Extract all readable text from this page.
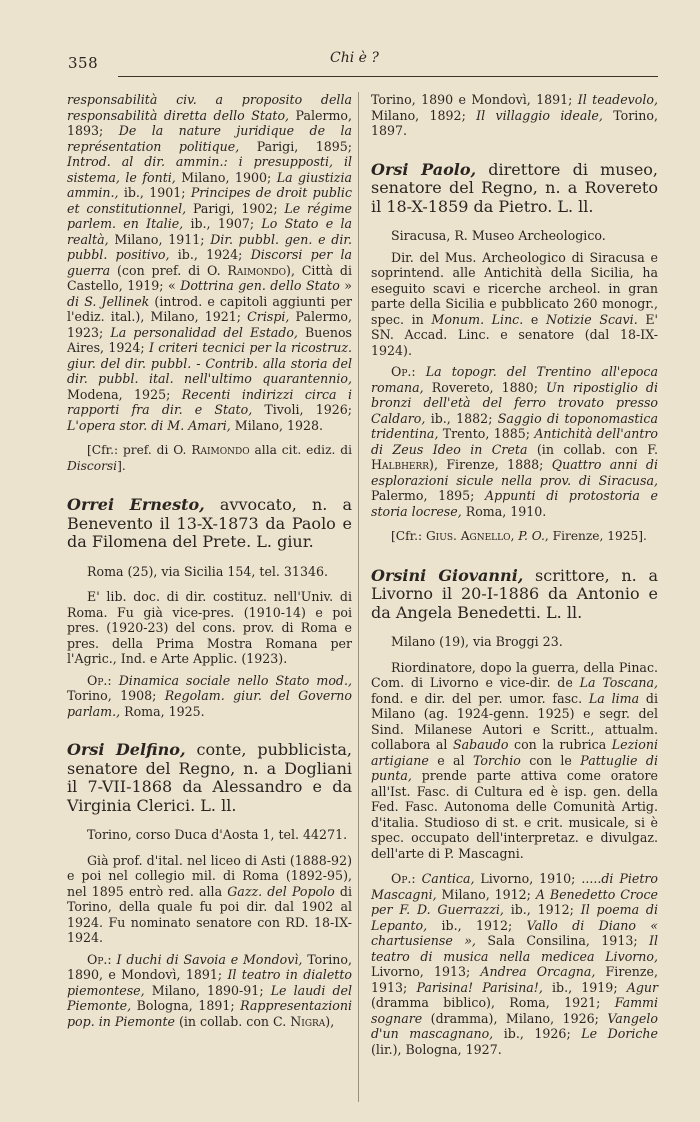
358	Chi è ?

responsabilità civ. a proposito della responsabilità diretta dello Stato, Palermo, 1893; De la nature juridique de la représentation politique, Parigi, 1895; Introd. al dir. ammin.: i presupposti, il sistema, le fonti, Milano, 1900; La giustizia ammin., ib., 1901; Principes de droit public et constitutionnel, Parigi, 1902; Le régime parlem. en Italie, ib., 1907; Lo Stato e la realtà, Milano, 1911; Dir. pubbl. gen. e dir. pubbl. positivo, ib., 1924; Discorsi per la guerra (con pref. di O. Raimondo), Città di Castello, 1919; « Dottrina gen. dello Stato » di S. Jellinek (introd. e capitoli aggiunti per l'ediz. ital.), Milano, 1921; Crispi, Palermo, 1923; La personalidad del Estado, Buenos Aires, 1924; I criteri tecnici per la ricostruz. giur. del dir. pubbl. - Contrib. alla storia del dir. pubbl. ital. nell'ultimo quarantennio, Modena, 1925; Recenti indirizzi circa i rapporti fra dir. e Stato, Tivoli, 1926; L'opera stor. di M. Amari, Milano, 1928.

[Cfr.: pref. di O. Raimondo alla cit. ediz. di Discorsi].

Orrei Ernesto, avvocato, n. a Benevento il 13-X-1873 da Paolo e da Filomena del Prete. L. giur.

Roma (25), via Sicilia 154, tel. 31346.

E' lib. doc. di dir. costituz. nell'Univ. di Roma. Fu già vice-pres. (1910-14) e poi pres. (1920-23) del cons. prov. di Roma e pres. della Prima Mostra Romana per l'Agric., Ind. e Arte Applic. (1923).

Op.: Dinamica sociale nello Stato mod., Torino, 1908; Regolam. giur. del Governo parlam., Roma, 1925.

Orsi Delfino, conte, pubblicista, senatore del Regno, n. a Dogliani il 7-VII-1868 da Alessandro e da Virginia Clerici. L. ll.

Torino, corso Duca d'Aosta 1, tel. 44271.

Già prof. d'ital. nel liceo di Asti (1888-92) e poi nel collegio mil. di Roma (1892-95), nel 1895 entrò red. alla Gazz. del Popolo di Torino, della quale fu poi dir. dal 1902 al 1924. Fu nominato senatore con RD. 18-IX-1924.

Op.: I duchi di Savoia e Mondovì, Torino, 1890, e Mondovì, 1891; Il teatro in dialetto piemontese, Milano, 1890-91; Le laudi del Piemonte, Bologna, 1891; Rappresentazioni pop. in Piemonte (in collab. con C. Nigra),

Torino, 1890 e Mondovì, 1891; Il teadevolo, Milano, 1892; Il villaggio ideale, Torino, 1897.

Orsi Paolo, direttore di museo, senatore del Regno, n. a Rovereto il 18-X-1859 da Pietro. L. ll.

Siracusa, R. Museo Archeologico.

Dir. del Mus. Archeologico di Siracusa e soprintend. alle Antichità della Sicilia, ha eseguito scavi e ricerche archeol. in gran parte della Sicilia e pubblicato 260 monogr., spec. in Monum. Linc. e Notizie Scavi. E' SN. Accad. Linc. e senatore (dal 18-IX-1924).

Op.: La topogr. del Trentino all'epoca romana, Rovereto, 1880; Un ripostiglio di bronzi dell'età del ferro trovato presso Caldaro, ib., 1882; Saggio di toponomastica tridentina, Trento, 1885; Antichità dell'antro di Zeus Ideo in Creta (in collab. con F. Halbherr), Firenze, 1888; Quattro anni di esplorazioni sicule nella prov. di Siracusa, Palermo, 1895; Appunti di protostoria e storia locrese, Roma, 1910.

[Cfr.: Gius. Agnello, P. O., Firenze, 1925].

Orsini Giovanni, scrittore, n. a Livorno il 20-I-1886 da Antonio e da Angela Benedetti. L. ll.

Milano (19), via Broggi 23.

Riordinatore, dopo la guerra, della Pinac. Com. di Livorno e vice-dir. de La Toscana, fond. e dir. del per. umor. fasc. La lima di Milano (ag. 1924-genn. 1925) e segr. del Sind. Milanese Autori e Scritt., attualm. collabora al Sabaudo con la rubrica Lezioni artigiane e al Torchio con le Pattuglie di punta, prende parte attiva come oratore all'Ist. Fasc. di Cultura ed è isp. gen. della Fed. Fasc. Autonoma delle Comunità Artig. d'italia. Studioso di st. e crit. musicale, si è spec. occupato dell'interpretaz. e divulgaz. dell'arte di P. Mascagni.

Op.: Cantica, Livorno, 1910; .....di Pietro Mascagni, Milano, 1912; A Benedetto Croce per F. D. Guerrazzi, ib., 1912; Il poema di Lepanto, ib., 1912; Vallo di Diano « chartusiense », Sala Consilina, 1913; Il teatro di musica nella medicea Livorno, Livorno, 1913; Andrea Orcagna, Firenze, 1913; Parisina! Parisina!, ib., 1919; Agur (dramma biblico), Roma, 1921; Fammi sognare (dramma), Milano, 1926; Vangelo d'un mascagnano, ib., 1926; Le Doriche (lir.), Bologna, 1927.
